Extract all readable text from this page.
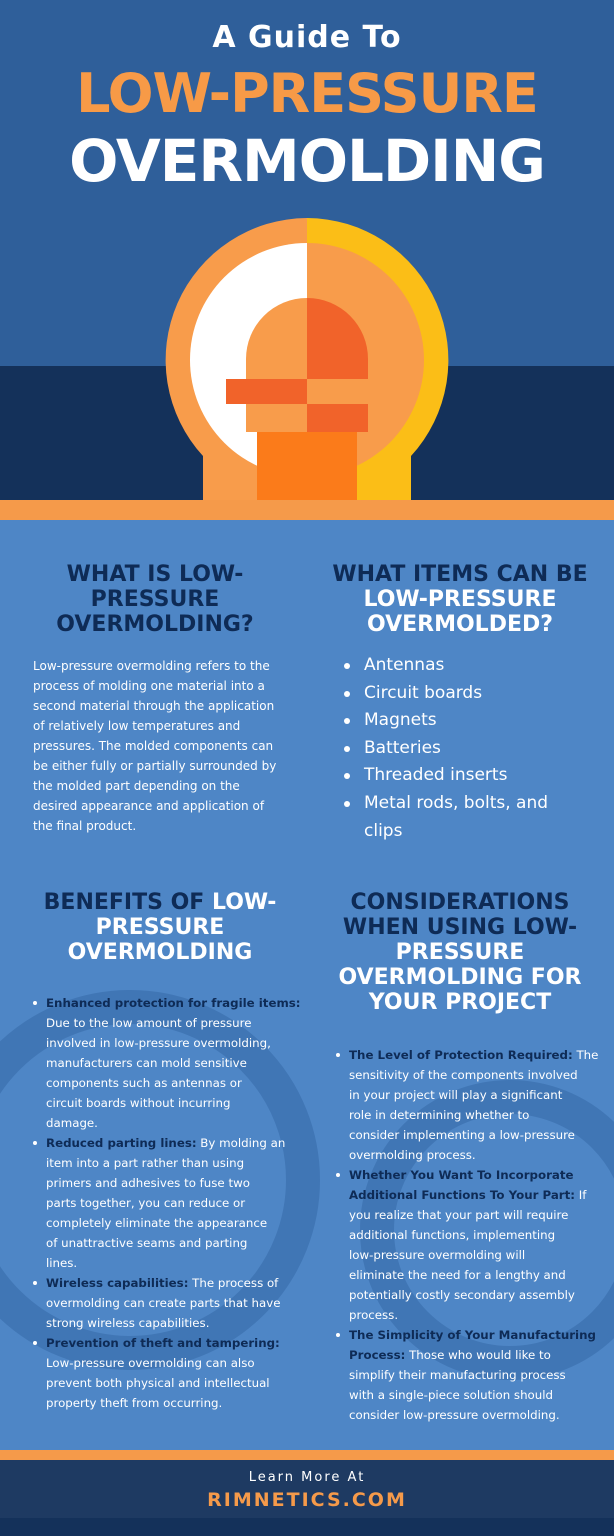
A Guide To
LOW-PRESSURE
OVERMOLDING
WHAT IS LOW-
PRESSURE
OVERMOLDING?
Low-pressure overmolding refers to the
process of molding one material into a
second material through the application
of relatively low temperatures and
pressures. The molded components can
be either fully or partially surrounded by
the molded part depending on the
desired appearance and application of
the final product.
WHAT ITEMS CAN BE
LOW-PRESSURE
OVERMOLDED?
Antennas
Circuit boards
Magnets
Batteries
Threaded inserts
Metal rods, bolts, and
clips
BENEFITS OF LOW-
PRESSURE
OVERMOLDING
Enhanced protection for fragile items:
Due to the low amount of pressure
involved in low-pressure overmolding,
manufacturers can mold sensitive
components such as antennas or
circuit boards without incurring
damage.
Reduced parting lines: By molding an
item into a part rather than using
primers and adhesives to fuse two
parts together, you can reduce or
completely eliminate the appearance
of unattractive seams and parting
lines.
Wireless capabilities: The process of
overmolding can create parts that have
strong wireless capabilities.
Prevention of theft and tampering:
Low-pressure overmolding can also
prevent both physical and intellectual
property theft from occurring.
CONSIDERATIONS
WHEN USING LOW-
PRESSURE
OVERMOLDING FOR
YOUR PROJECT
The Level of Protection Required: The
sensitivity of the components involved
in your project will play a significant
role in determining whether to
consider implementing a low-pressure
overmolding process.
Whether You Want To Incorporate
Additional Functions To Your Part: If
you realize that your part will require
additional functions, implementing
low-pressure overmolding will
eliminate the need for a lengthy and
potentially costly secondary assembly
process.
The Simplicity of Your Manufacturing
Process: Those who would like to
simplify their manufacturing process
with a single-piece solution should
consider low-pressure overmolding.
Learn More At
RIMNETICS.COM
